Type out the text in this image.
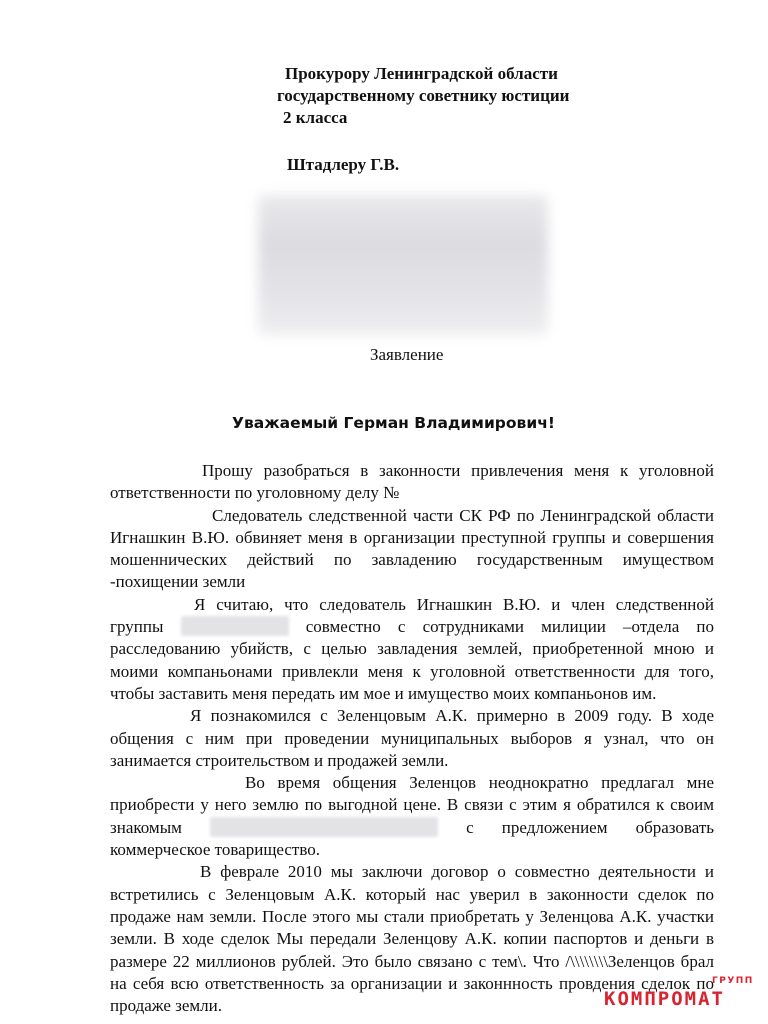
Прокурору Ленинградской области
государственному советнику юстиции
2 класса
Штадлеру Г.В.
Заявление
Уважаемый Герман Владимирович!

Прошу разобраться в законности привлечения меня к уголовной ответственности по уголовному делу №

Следователь следственной части СК РФ по Ленинградской области Игнашкин В.Ю. обвиняет меня в организации преступной группы и совершения мошеннических действий по завладению государственным имуществом -похищении земли

Я считаю, что следователь Игнашкин В.Ю. и член следственной группы	совместно с сотрудниками милиции –отдела по расследованию убийств, с целью завладения землей, приобретенной мною и моими компаньонами привлекли меня к уголовной ответственности для того, чтобы заставить меня передать им мое и имущество моих компаньонов им.

Я познакомился с Зеленцовым А.К. примерно в 2009 году. В ходе общения с ним при проведении муниципальных выборов я узнал, что он занимается строительством и продажей земли.

Во время общения Зеленцов неоднократно предлагал мне приобрести у него землю по выгодной цене. В связи с этим я обратился к своим знакомым	с предложением образовать коммерческое товарищество.

В феврале 2010 мы заключи договор о совместно деятельности и встретились с Зеленцовым А.К. который нас уверил в законности сделок по продаже нам земли. После этого мы стали приобретать у Зеленцова А.К. участки земли. В ходе сделок Мы передали Зеленцову А.К. копии паспортов и деньги в размере 22 миллионов рублей. Это было связано с тем\. Что /\\\\\\\\Зеленцов брал на себя всю ответственность за организации и законнность провдения сделок по продаже земли.

ГРУПП
КОМПРОМАТ
